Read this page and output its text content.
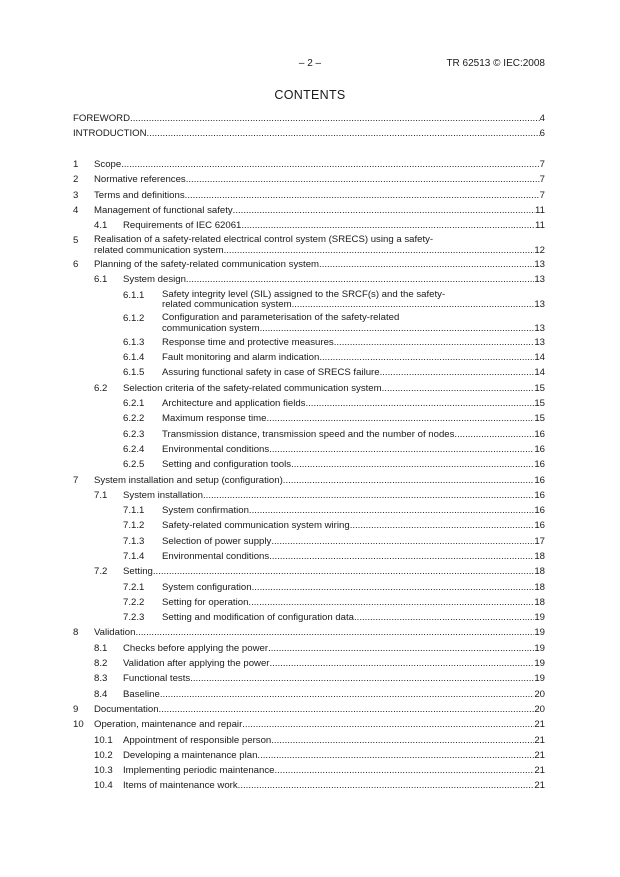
– 2 –	TR 62513 © IEC:2008
CONTENTS
FOREWORD .....	4
INTRODUCTION .....	6
1 Scope .....	7
2 Normative references .....	7
3 Terms and definitions .....	7
4 Management of functional safety .....	11
4.1 Requirements of IEC 62061 .....	11
5 Realisation of a safety-related electrical control system (SRECS) using a safety-
related communication system .....	12
6 Planning of the safety-related communication system .....	13
6.1 System design .....	13
6.1.1 Safety integrity level (SIL) assigned to the SRCF(s) and the safety-
related communication system .....	13
6.1.2 Configuration and parameterisation of the safety-related
communication system .....	13
6.1.3 Response time and protective measures .....	13
6.1.4 Fault monitoring and alarm indication .....	14
6.1.5 Assuring functional safety in case of SRECS failure .....	14
6.2 Selection criteria of the safety-related communication system .....	15
6.2.1 Architecture and application fields .....	15
6.2.2 Maximum response time .....	15
6.2.3 Transmission distance, transmission speed and the number of nodes .....	16
6.2.4 Environmental conditions .....	16
6.2.5 Setting and configuration tools .....	16
7 System installation and setup (configuration) .....	16
7.1 System installation .....	16
7.1.1 System confirmation .....	16
7.1.2 Safety-related communication system wiring .....	16
7.1.3 Selection of power supply .....	17
7.1.4 Environmental conditions .....	18
7.2 Setting .....	18
7.2.1 System configuration .....	18
7.2.2 Setting for operation .....	18
7.2.3 Setting and modification of configuration data .....	19
8 Validation .....	19
8.1 Checks before applying the power .....	19
8.2 Validation after applying the power .....	19
8.3 Functional tests .....	19
8.4 Baseline .....	20
9 Documentation .....	20
10 Operation, maintenance and repair .....	21
10.1 Appointment of responsible person .....	21
10.2 Developing a maintenance plan .....	21
10.3 Implementing periodic maintenance .....	21
10.4 Items of maintenance work .....	21
